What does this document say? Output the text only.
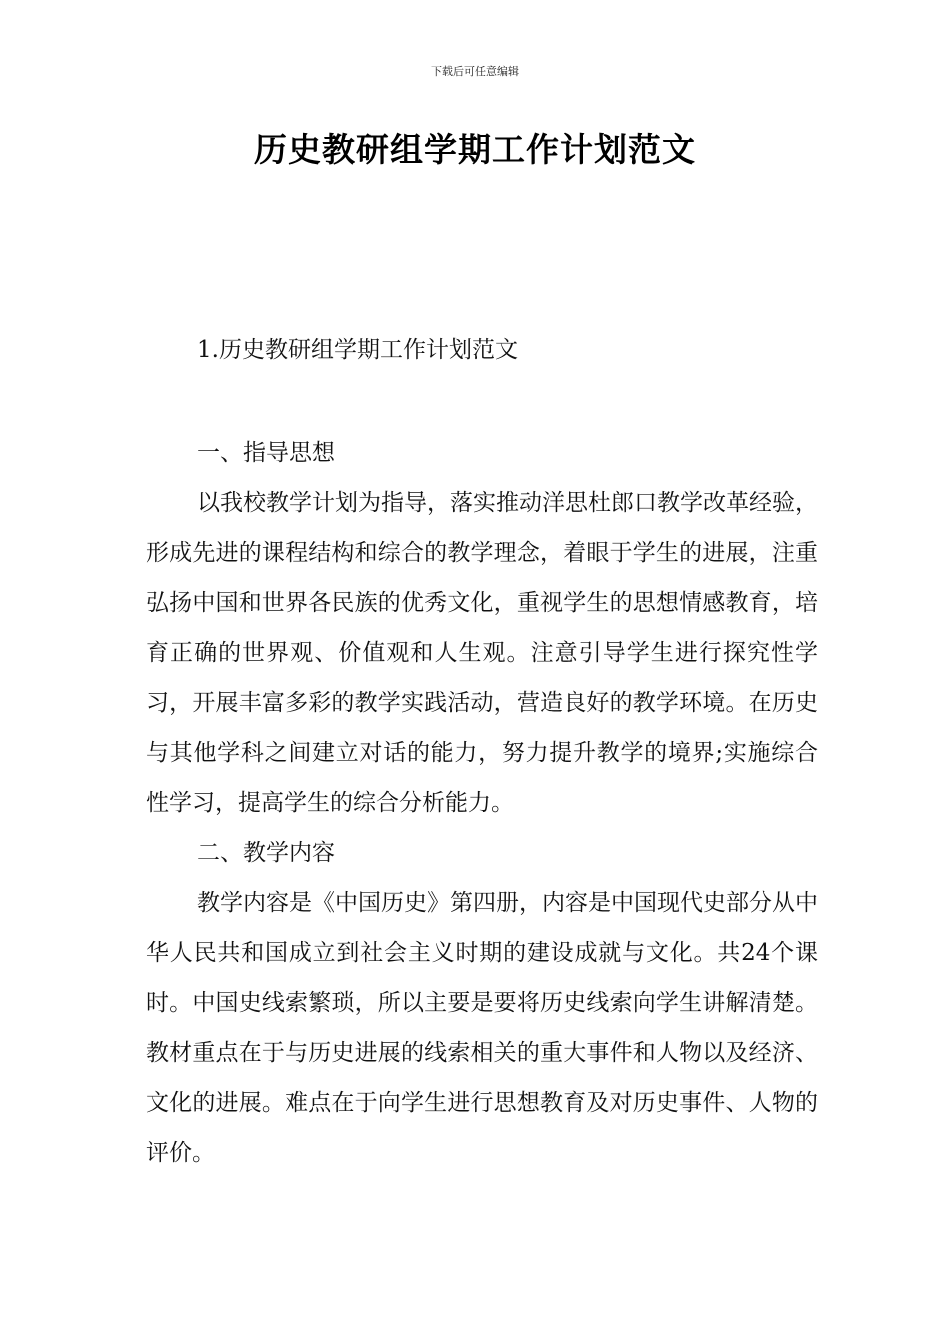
下载后可任意编辑
历史教研组学期工作计划范文
1.历史教研组学期工作计划范文

一、指导思想

以我校教学计划为指导，落实推动洋思杜郎口教学改革经验，形成先进的课程结构和综合的教学理念，着眼于学生的进展，注重弘扬中国和世界各民族的优秀文化，重视学生的思想情感教育，培育正确的世界观、价值观和人生观。注意引导学生进行探究性学习，开展丰富多彩的教学实践活动，营造良好的教学环境。在历史与其他学科之间建立对话的能力，努力提升教学的境界;实施综合性学习，提高学生的综合分析能力。

二、教学内容

教学内容是《中国历史》第四册，内容是中国现代史部分从中华人民共和国成立到社会主义时期的建设成就与文化。共24个课时。中国史线索繁琐，所以主要是要将历史线索向学生讲解清楚。教材重点在于与历史进展的线索相关的重大事件和人物以及经济、文化的进展。难点在于向学生进行思想教育及对历史事件、人物的评价。
